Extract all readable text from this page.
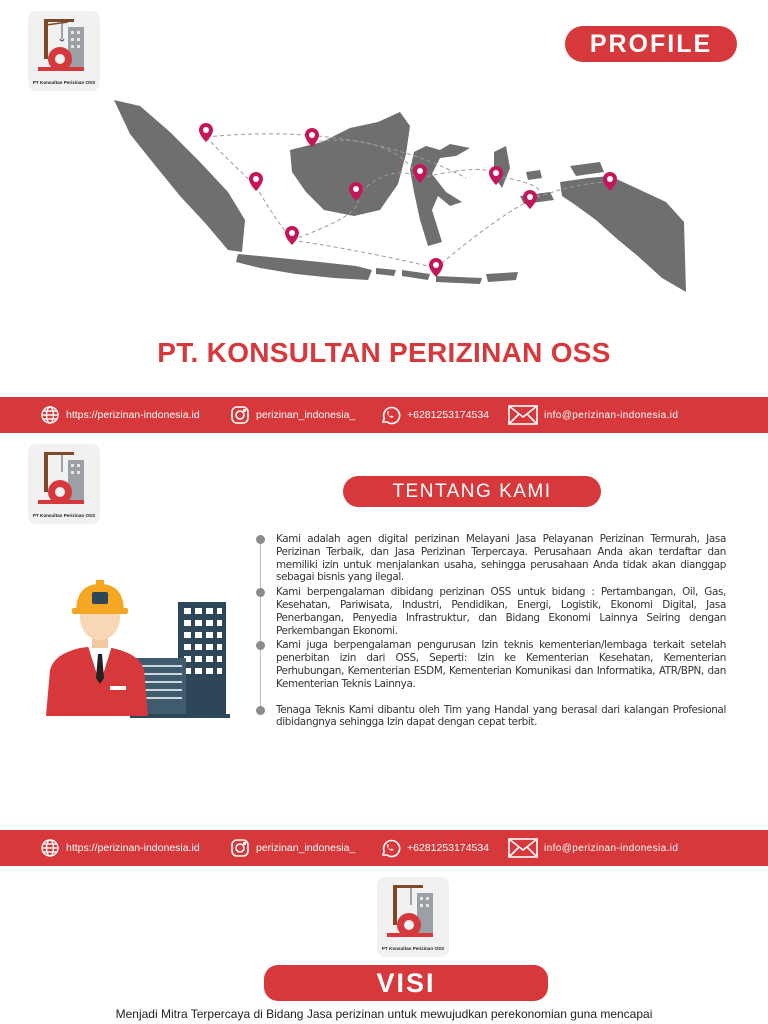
PT Konsultan Perizinan OSS
PROFILE
PT. KONSULTAN PERIZINAN OSS
https://perizinan-indonesia.id	perizinan_indonesia_	+6281253174534	info@perizinan-indonesia.id
PT Konsultan Perizinan OSS
TENTANG KAMI
Kami adalah agen digital perizinan Melayani Jasa Pelayanan Perizinan Termurah, Jasa Perizinan Terbaik, dan Jasa Perizinan Terpercaya. Perusahaan Anda akan terdaftar dan memiliki izin untuk menjalankan usaha, sehingga perusahaan Anda tidak akan dianggap sebagai bisnis yang ilegal.
Kami berpengalaman dibidang perizinan OSS untuk bidang : Pertambangan, Oil, Gas, Kesehatan, Pariwisata, Industri, Pendidikan, Energi, Logistik, Ekonomi Digital, Jasa Penerbangan, Penyedia Infrastruktur, dan Bidang Ekonomi Lainnya Seiring dengan Perkembangan Ekonomi.
Kami juga berpengalaman pengurusan Izin teknis kementerian/lembaga terkait setelah penerbitan izin dari OSS, Seperti: Izin ke Kementerian Kesehatan, Kementerian Perhubungan, Kementerian ESDM, Kementerian Komunikasi dan Informatika, ATR/BPN, dan Kementerian Teknis Lainnya.
Tenaga Teknis Kami dibantu oleh Tim yang Handal yang berasal dari kalangan Profesional dibidangnya sehingga Izin dapat dengan cepat terbit.
https://perizinan-indonesia.id	perizinan_indonesia_	+6281253174534	info@perizinan-indonesia.id
PT Konsultan Perizinan OSS
VISI
Menjadi Mitra Terpercaya di Bidang Jasa perizinan untuk mewujudkan perekonomian guna mencapai
